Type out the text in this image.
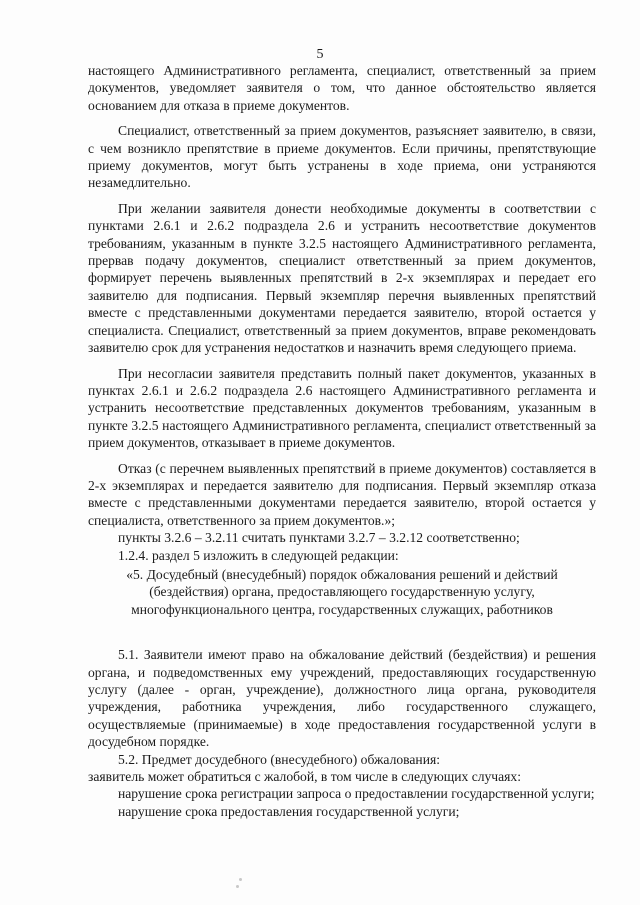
5

настоящего Административного регламента, специалист, ответственный за прием документов, уведомляет заявителя о том, что данное обстоятельство является основанием для отказа в приеме документов.

Специалист, ответственный за прием документов, разъясняет заявителю, в связи, с чем возникло препятствие в приеме документов. Если причины, препятствующие приему документов, могут быть устранены в ходе приема, они устраняются незамедлительно.

При желании заявителя донести необходимые документы в соответствии с пунктами 2.6.1 и 2.6.2 подраздела 2.6 и устранить несоответствие документов требованиям, указанным в пункте 3.2.5 настоящего Административного регламента, прервав подачу документов, специалист ответственный за прием документов, формирует перечень выявленных препятствий в 2-х экземплярах и передает его заявителю для подписания. Первый экземпляр перечня выявленных препятствий вместе с представленными документами передается заявителю, второй остается у специалиста. Специалист, ответственный за прием документов, вправе рекомендовать заявителю срок для устранения недостатков и назначить время следующего приема.

При несогласии заявителя представить полный пакет документов, указанных в пунктах 2.6.1 и 2.6.2 подраздела 2.6 настоящего Административного регламента и устранить несоответствие представленных документов требованиям, указанным в пункте 3.2.5 настоящего Административного регламента, специалист ответственный за прием документов, отказывает в приеме документов.

Отказ (с перечнем выявленных препятствий в приеме документов) составляется в 2-х экземплярах и передается заявителю для подписания. Первый экземпляр отказа вместе с представленными документами передается заявителю, второй остается у специалиста, ответственного за прием документов.»;

пункты 3.2.6 – 3.2.11 считать пунктами 3.2.7 – 3.2.12 соответственно;

1.2.4. раздел 5 изложить в следующей редакции:

«5. Досудебный (внесудебный) порядок обжалования решений и действий (бездействия) органа, предоставляющего государственную услугу, многофункционального центра, государственных служащих, работников

5.1. Заявители имеют право на обжалование действий (бездействия) и решения органа, и подведомственных ему учреждений, предоставляющих государственную услугу (далее - орган, учреждение), должностного лица органа, руководителя учреждения, работника учреждения, либо государственного служащего, осуществляемые (принимаемые) в ходе предоставления государственной услуги в досудебном порядке.

5.2. Предмет досудебного (внесудебного) обжалования:

заявитель может обратиться с жалобой, в том числе в следующих случаях:

нарушение срока регистрации запроса о предоставлении государственной услуги;

нарушение срока предоставления государственной услуги;
